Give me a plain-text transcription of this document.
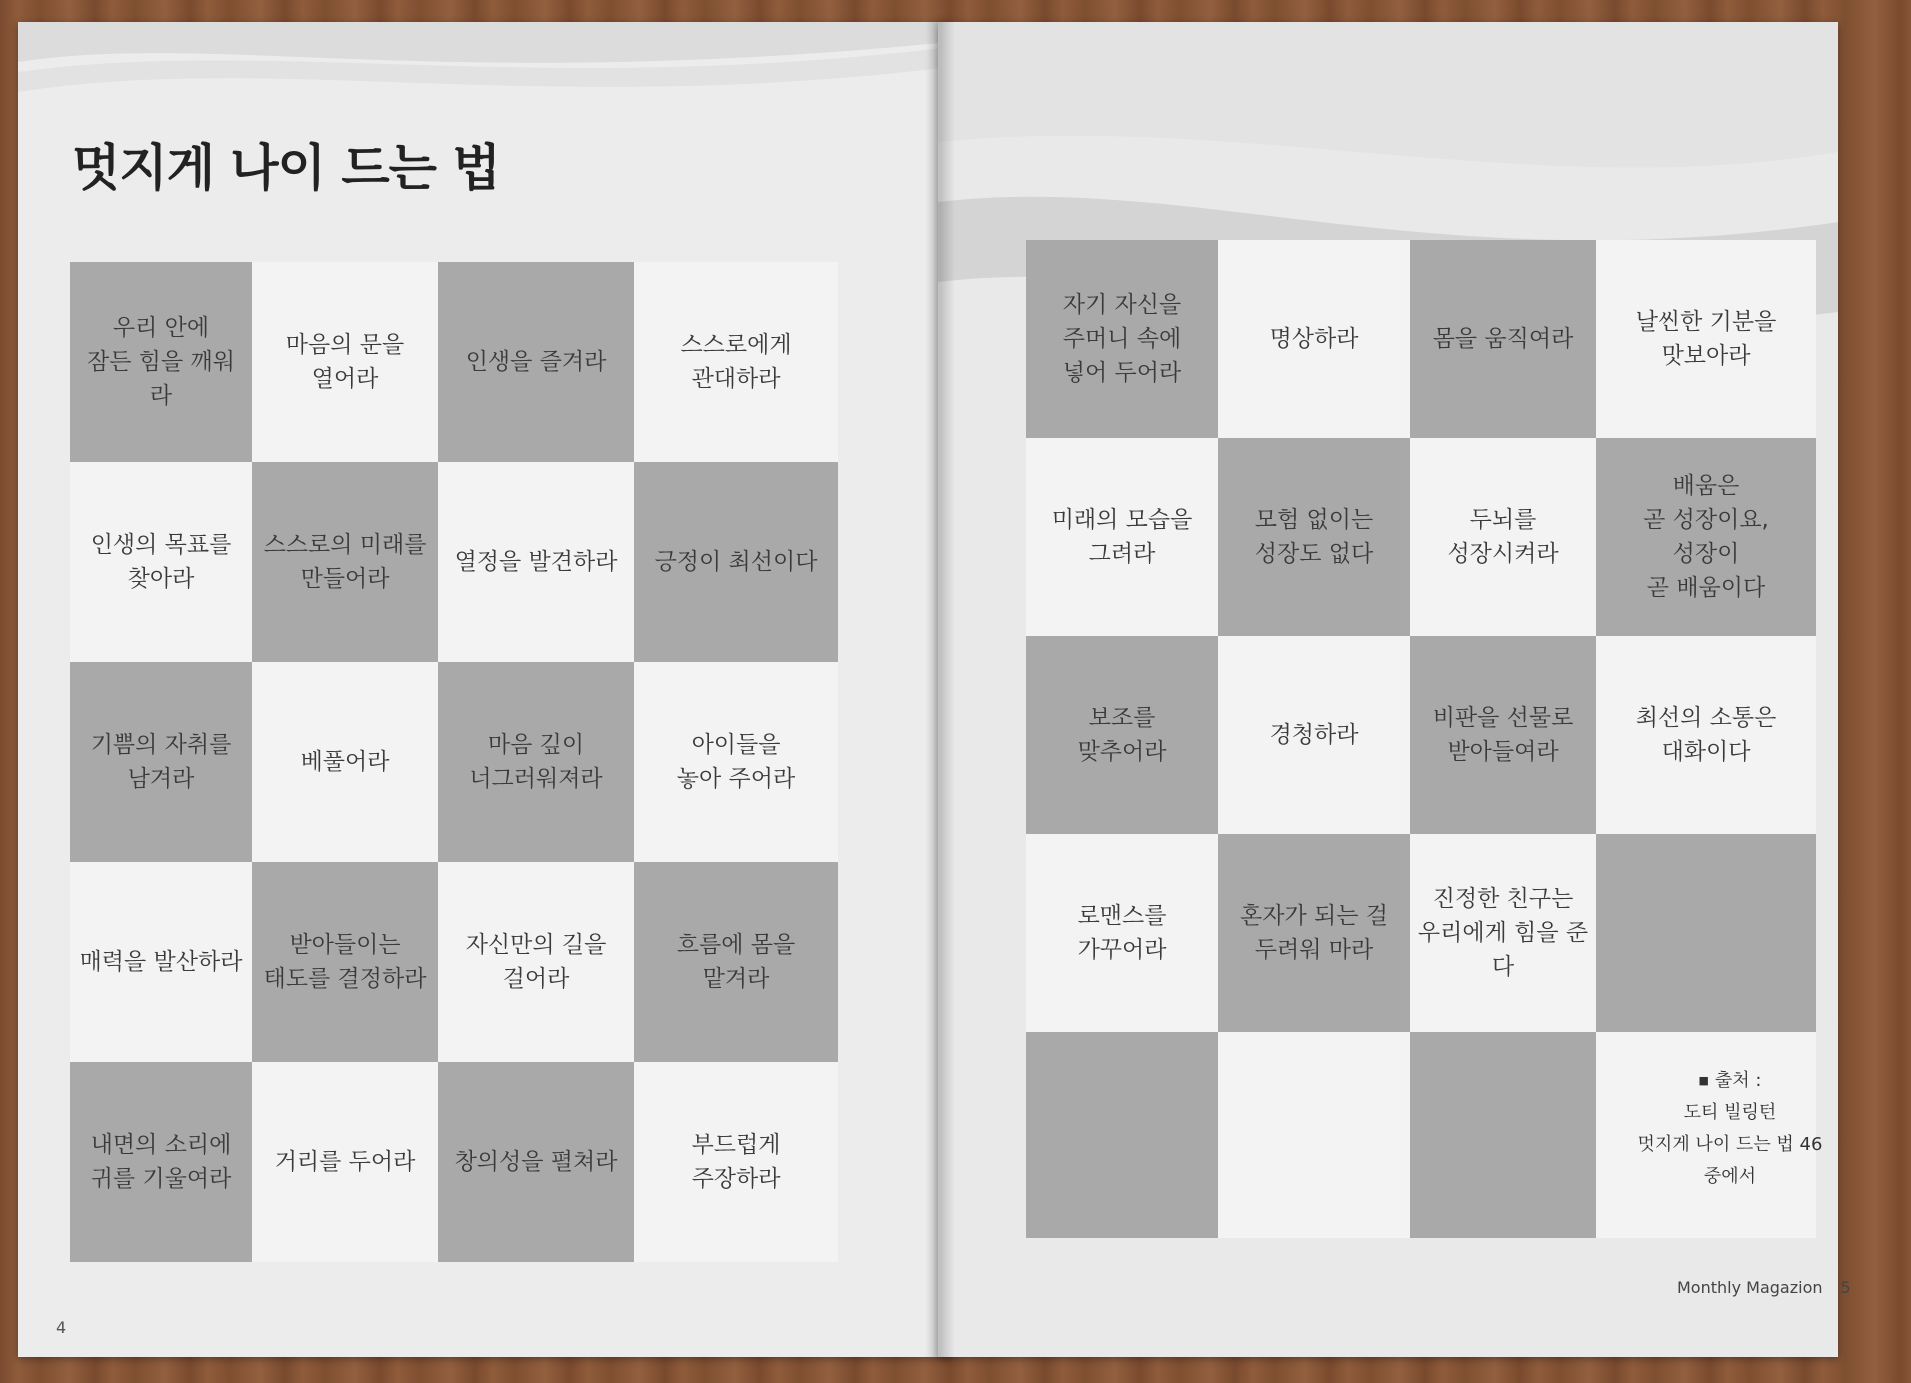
멋지게 나이 드는 법
우리 안에
잠든 힘을 깨워라
마음의 문을
열어라
인생을 즐겨라
스스로에게
관대하라
인생의 목표를
찾아라
스스로의 미래를
만들어라
열정을 발견하라 긍정이 최선이다
기쁨의 자취를
남겨라
베풀어라
마음 깊이
너그러워져라
아이들을
놓아 주어라
매력을 발산하라
받아들이는
태도를 결정하라
자신만의 길을
걸어라
흐름에 몸을
맡겨라
내면의 소리에
귀를 기울여라
거리를 두어라 창의성을 펼쳐라
부드럽게
주장하라
4
자기 자신을
주머니 속에
넣어 두어라
명상하라	몸을 움직여라
날씬한 기분을
맛보아라
미래의 모습을
그려라
모험 없이는
성장도 없다
두뇌를
성장시켜라
배움은
곧 성장이요,
성장이
곧 배움이다
보조를
맞추어라
경청하라
비판을 선물로
받아들여라
최선의 소통은
대화이다
로맨스를
가꾸어라
혼자가 되는 걸
두려워 마라
진정한 친구는
우리에게 힘을 준다
■ 출처 :
도티 빌링턴
멋지게 나이 드는 법 46
중에서
Monthly Magazion 5
